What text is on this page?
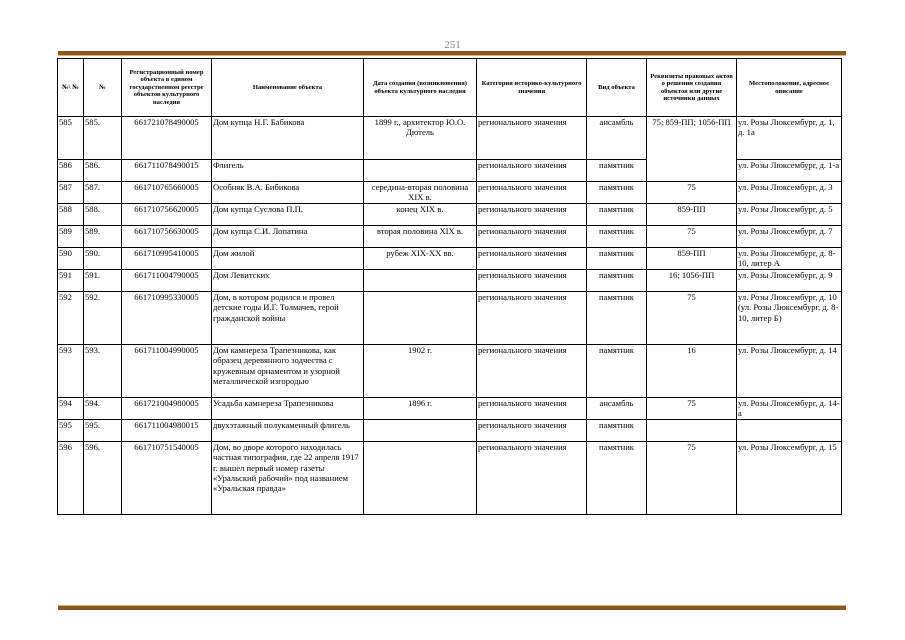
251
№\ №	№	Регистрационный номер объекта в едином государственном реестре объектов культурного наследия	Наименование объекта	Дата создания (возникновения) объекта культурного наследия	Категория историко-культурного значения	Вид объекта	Реквизиты правовых актов о решении создания объектов или другие источники данных	Местоположение, адресное описание
585	585.	661721078490005	Дом купца Н.Г. Бабикова	1899 г., архитектор Ю.О. Дютель	регионального значения	ансамбль	75; 859-ПП; 1056-ПП	ул. Розы Люксембург, д. 1, д. 1а
586	586.	661711078490015	Флигель		регионального значения	памятник		ул. Розы Люксембург, д. 1-а
587	587.	661710765660005	Особняк В.А. Бибикова	середина-вторая половина XIX в.	регионального значения	памятник	75	ул. Розы Люксембург, д. 3
588	588.	661710756620005	Дом купца Суслова П.П.	конец XIX в.	регионального значения	памятник	859-ПП	ул. Розы Люксембург, д. 5
589	589.	661710756630005	Дом купца С.И. Лопатина	вторая половина XIX в.	регионального значения	памятник	75	ул. Розы Люксембург, д. 7
590	590.	661710995410005	Дом жилой	рубеж XIX-XX вв.	регионального значения	памятник	859-ПП	ул. Розы Люксембург, д. 8-10, литер А
591	591.	661711004790005	Дом Левитских		регионального значения	памятник	16; 1056-ПП	ул. Розы Люксембург, д. 9
592	592.	661710995330005	Дом, в котором родился и провел детские годы И.Г. Толмачев, герой гражданской войны		регионального значения	памятник	75	ул. Розы Люксембург, д. 10 (ул. Розы Люксембург, д. 8-10, литер Б)
593	593.	661711004990005	Дом камнереза Трапезникова, как образец деревянного зодчества с кружевным орнаментом и узорной металлической изгородью	1902 г.	регионального значения	памятник	16	ул. Розы Люксембург, д. 14
594	594.	661721004980005	Усадьба камнереза Трапезникова	1896 г.	регионального значения	ансамбль	75	ул. Розы Люксембург, д. 14-а
595	595.	661711004980015	двухэтажный полукаменный флигель		регионального значения	памятник		
596	596.	661710751540005	Дом, во дворе которого находилась частная типография, где 22 апреля 1917 г. вышел первый номер газеты «Уральский рабочий» под названием «Уральская правда»		регионального значения	памятник	75	ул. Розы Люксембург, д. 15
